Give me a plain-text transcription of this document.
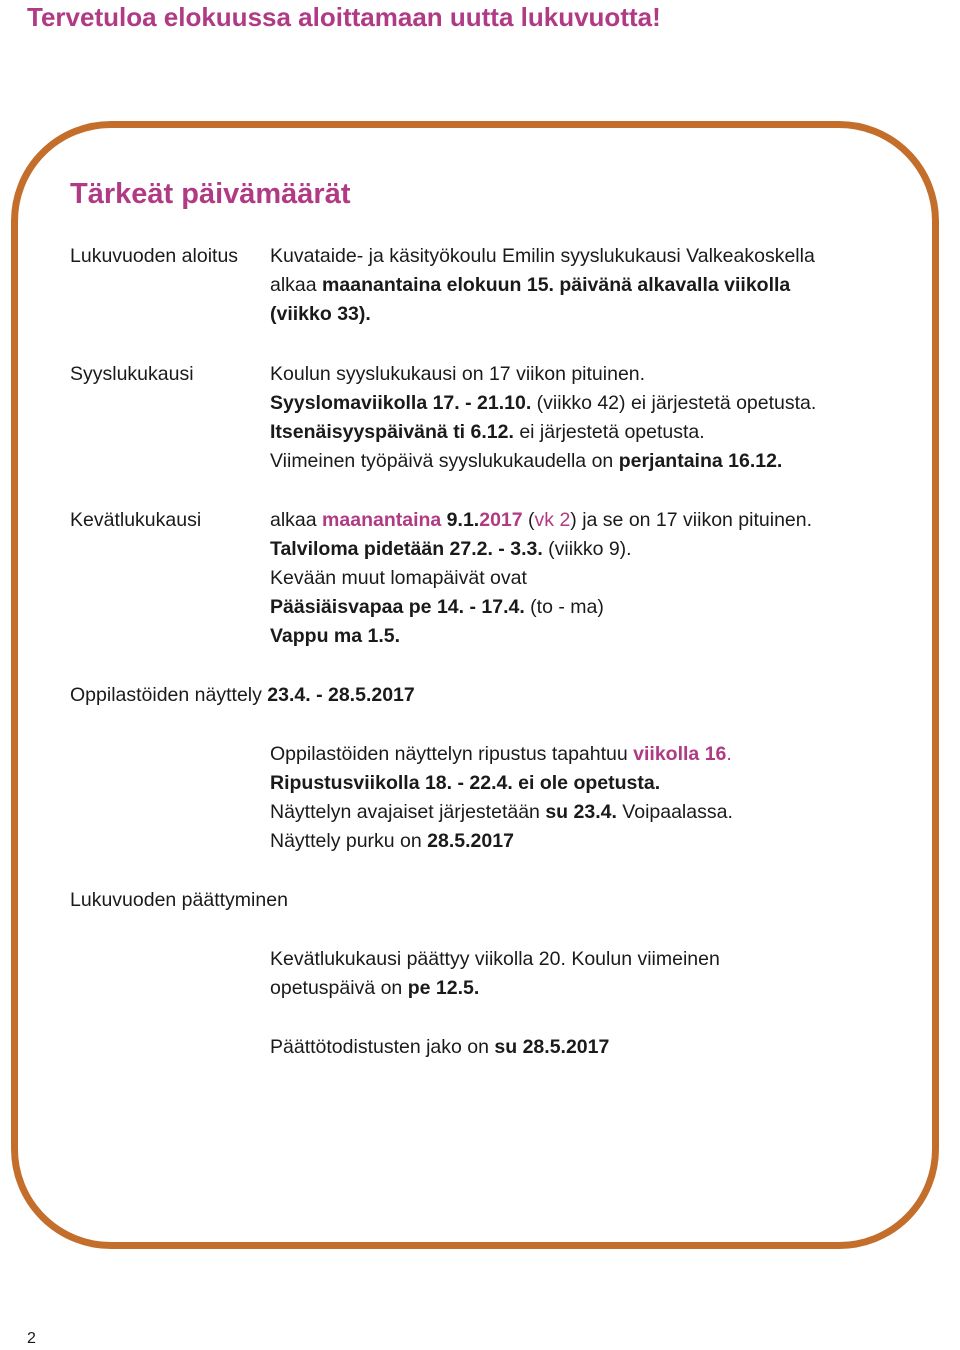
Tervetuloa elokuussa aloittamaan uutta lukuvuotta!
Tärkeät päivämäärät
Lukuvuoden aloitus Kuvataide- ja käsityökoulu Emilin syyslukukausi Valkeakoskella
alkaa maanantaina elokuun 15. päivänä alkavalla viikolla
(viikko 33).
Syyslukukausi	Koulun syyslukukausi on 17 viikon pituinen.
Syyslomaviikolla 17. - 21.10. (viikko 42) ei järjestetä opetusta.
Itsenäisyyspäivänä ti 6.12. ei järjestetä opetusta.
Viimeinen työpäivä syyslukukaudella on perjantaina 16.12.
Kevätlukukausi	alkaa maanantaina 9.1.2017 (vk 2) ja se on 17 viikon pituinen.
Talviloma pidetään 27.2. - 3.3. (viikko 9).
Kevään muut lomapäivät ovat
Pääsiäisvapaa pe 14. - 17.4. (to - ma)
Vappu ma 1.5.
Oppilastöiden näyttely 23.4. - 28.5.2017
Oppilastöiden näyttelyn ripustus tapahtuu viikolla 16.
Ripustusviikolla 18. - 22.4. ei ole opetusta.
Näyttelyn avajaiset järjestetään su 23.4. Voipaalassa.
Näyttely purku on 28.5.2017
Lukuvuoden päättyminen
Kevätlukukausi päättyy viikolla 20. Koulun viimeinen
opetuspäivä on pe 12.5.
Päättötodistusten jako on su 28.5.2017
2
